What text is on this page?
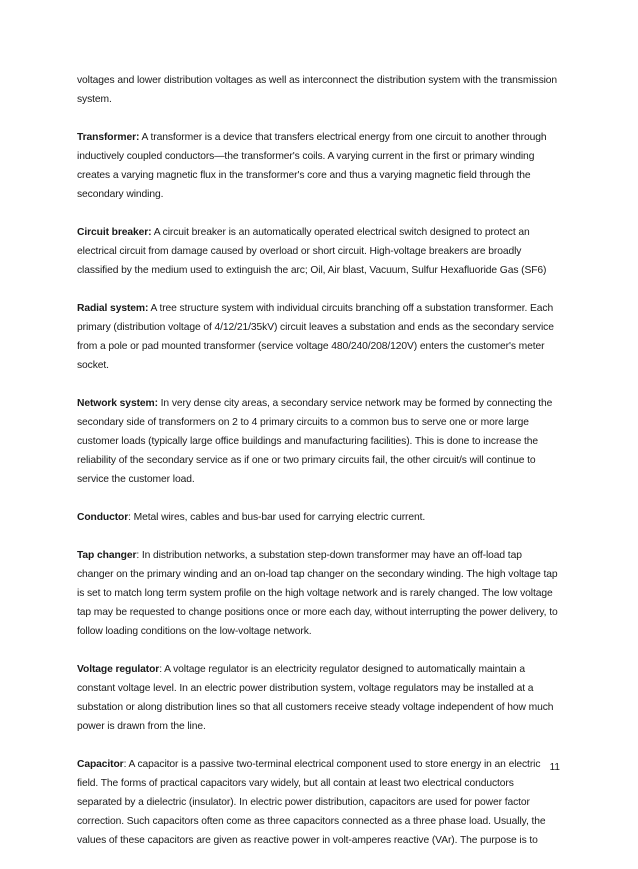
voltages and lower distribution voltages as well as interconnect the distribution system with the transmission system.

Transformer: A transformer is a device that transfers electrical energy from one circuit to another through inductively coupled conductors—the transformer's coils. A varying current in the first or primary winding creates a varying magnetic flux in the transformer's core and thus a varying magnetic field through the secondary winding.

Circuit breaker: A circuit breaker is an automatically operated electrical switch designed to protect an electrical circuit from damage caused by overload or short circuit. High-voltage breakers are broadly classified by the medium used to extinguish the arc; Oil, Air blast, Vacuum, Sulfur Hexafluoride Gas (SF6)

Radial system: A tree structure system with individual circuits branching off a substation transformer. Each primary (distribution voltage of 4/12/21/35kV) circuit leaves a substation and ends as the secondary service from a pole or pad mounted transformer (service voltage 480/240/208/120V) enters the customer's meter socket.

Network system: In very dense city areas, a secondary service network may be formed by connecting the secondary side of transformers on 2 to 4 primary circuits to a common bus to serve one or more large customer loads (typically large office buildings and manufacturing facilities). This is done to increase the reliability of the secondary service as if one or two primary circuits fail, the other circuit/s will continue to service the customer load.

Conductor: Metal wires, cables and bus-bar used for carrying electric current.

Tap changer: In distribution networks, a substation step-down transformer may have an off-load tap changer on the primary winding and an on-load tap changer on the secondary winding. The high voltage tap is set to match long term system profile on the high voltage network and is rarely changed. The low voltage tap may be requested to change positions once or more each day, without interrupting the power delivery, to follow loading conditions on the low-voltage network.

Voltage regulator: A voltage regulator is an electricity regulator designed to automatically maintain a constant voltage level. In an electric power distribution system, voltage regulators may be installed at a substation or along distribution lines so that all customers receive steady voltage independent of how much power is drawn from the line.

Capacitor: A capacitor is a passive two-terminal electrical component used to store energy in an electric field. The forms of practical capacitors vary widely, but all contain at least two electrical conductors separated by a dielectric (insulator). In electric power distribution, capacitors are used for power factor correction. Such capacitors often come as three capacitors connected as a three phase load. Usually, the values of these capacitors are given as reactive power in volt-amperes reactive (VAr). The purpose is to

11
